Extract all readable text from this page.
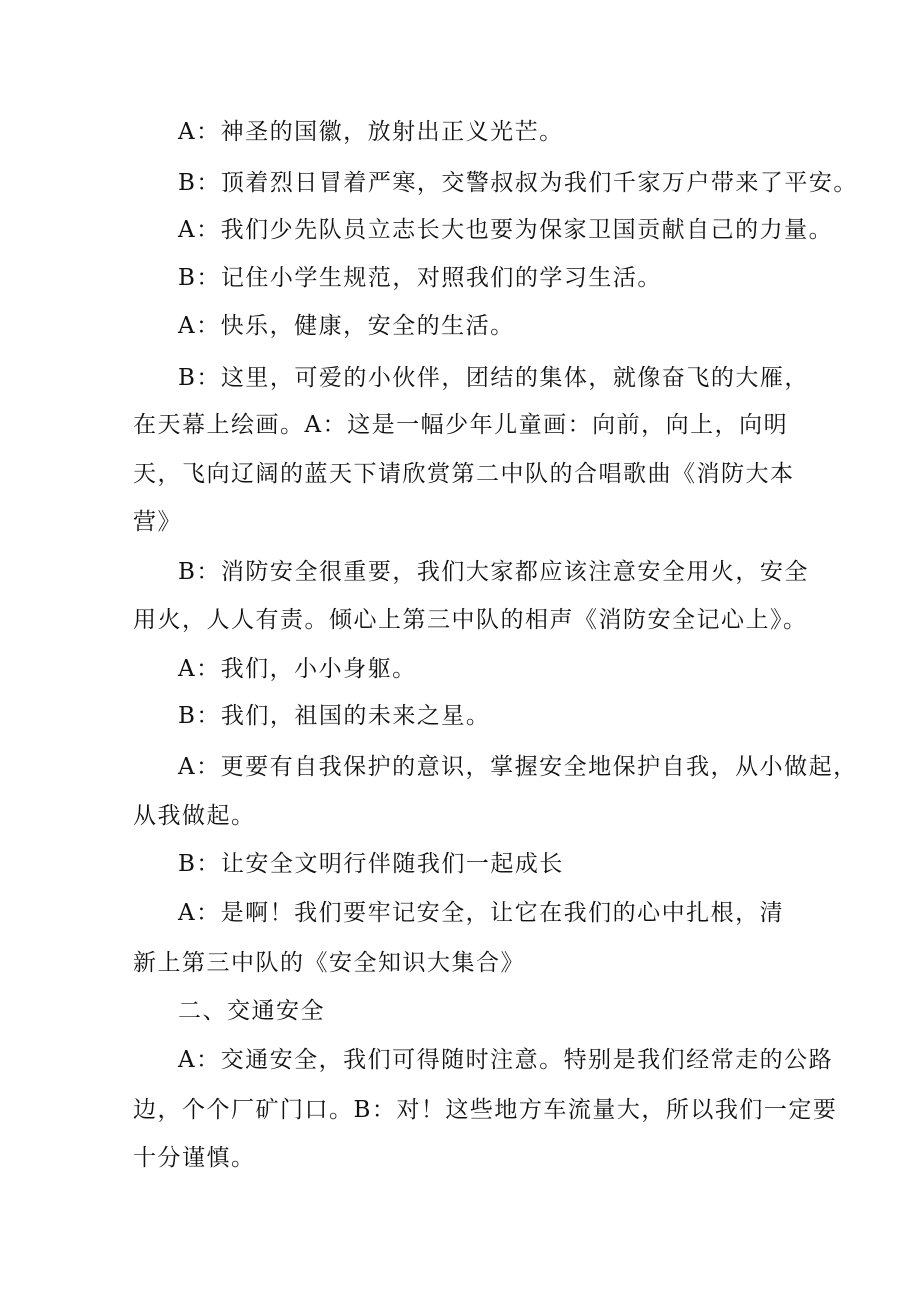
A：神圣的国徽，放射出正义光芒。
B：顶着烈日冒着严寒，交警叔叔为我们千家万户带来了平安。
A：我们少先队员立志长大也要为保家卫国贡献自己的力量。
B：记住小学生规范，对照我们的学习生活。
A：快乐，健康，安全的生活。
B：这里，可爱的小伙伴，团结的集体，就像奋飞的大雁，
在天幕上绘画。A：这是一幅少年儿童画：向前，向上，向明
天，飞向辽阔的蓝天下请欣赏第二中队的合唱歌曲《消防大本
营》
B：消防安全很重要，我们大家都应该注意安全用火，安全
用火，人人有责。倾心上第三中队的相声《消防安全记心上》。
A：我们，小小身躯。
B：我们，祖国的未来之星。
A：更要有自我保护的意识，掌握安全地保护自我，从小做起，
从我做起。
B：让安全文明行伴随我们一起成长
A：是啊！我们要牢记安全，让它在我们的心中扎根，清
新上第三中队的《安全知识大集合》
二、交通安全
A：交通安全，我们可得随时注意。特别是我们经常走的公路
边，个个厂矿门口。B：对！这些地方车流量大，所以我们一定要
十分谨慎。
